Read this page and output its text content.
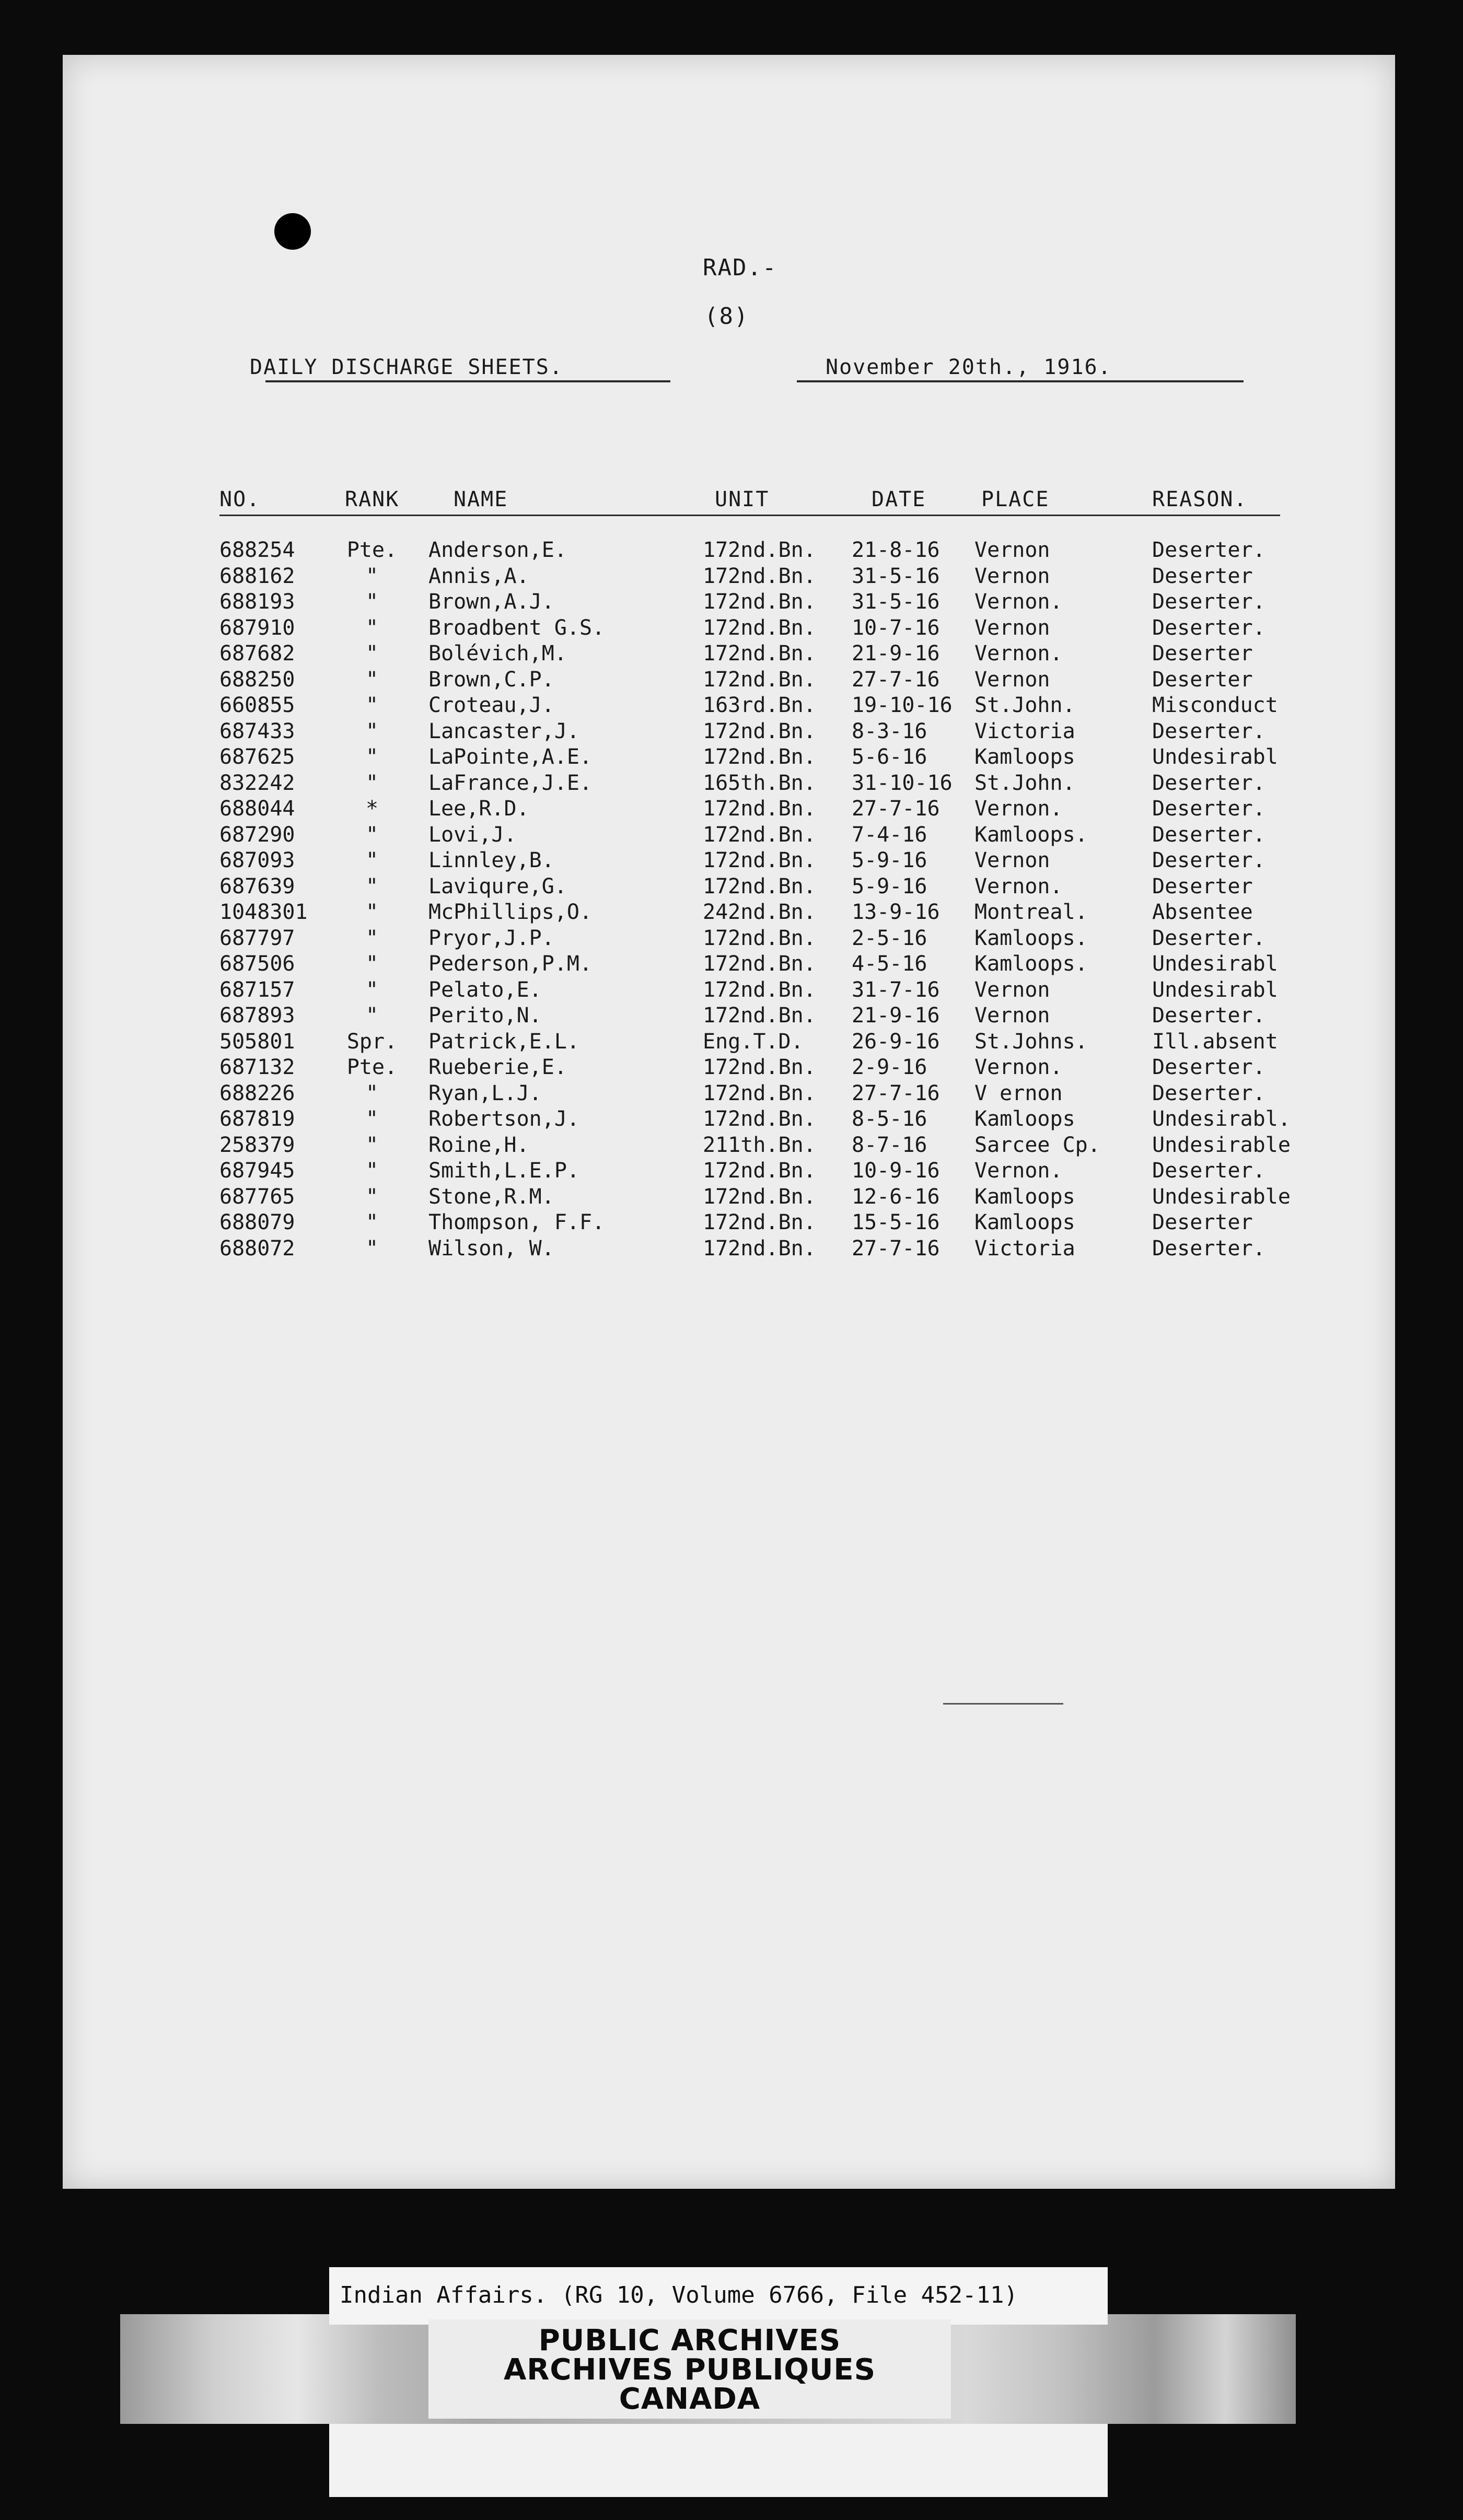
RAD.-
(8)
DAILY DISCHARGE SHEETS.	November 20th., 1916.
NO.	RANK	NAME	UNIT	DATE	PLACE	REASON.
688254 Pte. Anderson,E.	172nd.Bn. 21-8-16 Vernon	Deserter.
688162	"	Annis,A.	172nd.Bn. 31-5-16 Vernon	Deserter
688193	"	Brown,A.J.	172nd.Bn. 31-5-16 Vernon.	Deserter.
687910	"	Broadbent G.S.	172nd.Bn. 10-7-16 Vernon	Deserter.
687682	"	Bolévich,M.	172nd.Bn. 21-9-16 Vernon.	Deserter
688250	"	Brown,C.P.	172nd.Bn. 27-7-16 Vernon	Deserter
660855	"	Croteau,J.	163rd.Bn. 19-10-16 St.John.	Misconduct
687433	"	Lancaster,J.	172nd.Bn. 8-3-16 Victoria	Deserter.
687625	"	LaPointe,A.E.	172nd.Bn. 5-6-16 Kamloops	Undesirabl
832242	"	LaFrance,J.E.	165th.Bn. 31-10-16 St.John.	Deserter.
688044	*	Lee,R.D.	172nd.Bn. 27-7-16 Vernon.	Deserter.
687290	"	Lovi,J.	172nd.Bn. 7-4-16 Kamloops.	Deserter.
687093	"	Linnley,B.	172nd.Bn. 5-9-16 Vernon	Deserter.
687639	"	Laviqure,G.	172nd.Bn. 5-9-16 Vernon.	Deserter
1048301	"	McPhillips,O.	242nd.Bn. 13-9-16 Montreal.	Absentee
687797	"	Pryor,J.P.	172nd.Bn. 2-5-16 Kamloops.	Deserter.
687506	"	Pederson,P.M.	172nd.Bn. 4-5-16 Kamloops.	Undesirabl
687157	"	Pelato,E.	172nd.Bn. 31-7-16 Vernon	Undesirabl
687893	"	Perito,N.	172nd.Bn. 21-9-16 Vernon	Deserter.
505801 Spr. Patrick,E.L.	Eng.T.D. 26-9-16 St.Johns.	Ill.absent
687132 Pte. Rueberie,E.	172nd.Bn. 2-9-16 Vernon.	Deserter.
688226	"	Ryan,L.J.	172nd.Bn. 27-7-16 V ernon	Deserter.
687819	"	Robertson,J.	172nd.Bn. 8-5-16 Kamloops	Undesirabl.
258379	"	Roine,H.	211th.Bn. 8-7-16 Sarcee Cp. Undesirable
687945	"	Smith,L.E.P.	172nd.Bn. 10-9-16 Vernon.	Deserter.
687765	"	Stone,R.M.	172nd.Bn. 12-6-16 Kamloops	Undesirable
688079	"	Thompson, F.F.	172nd.Bn. 15-5-16 Kamloops	Deserter
688072	"	Wilson, W.	172nd.Bn. 27-7-16 Victoria	Deserter.
Indian Affairs. (RG 10, Volume 6766, File 452-11)
PUBLIC ARCHIVES
ARCHIVES PUBLIQUES
CANADA
